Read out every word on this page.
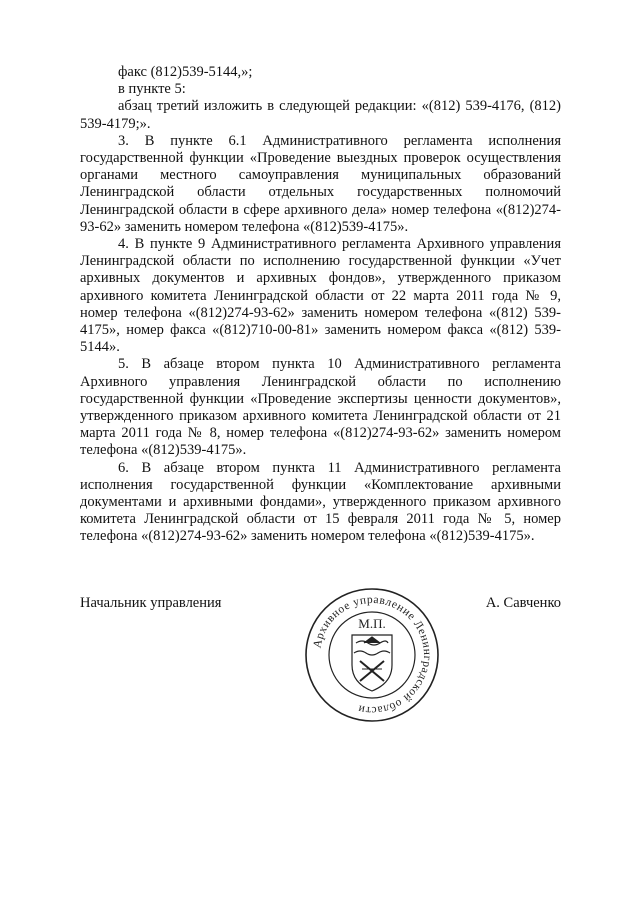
факс (812)539-5144,»;

в пункте 5:

абзац третий изложить в следующей редакции: «(812) 539-4176, (812) 539-4179;».

3. В пункте 6.1 Административного регламента исполнения государственной функции «Проведение выездных проверок осуществления органами местного самоуправления муниципальных образований Ленинградской области отдельных государственных полномочий Ленинградской области в сфере архивного дела» номер телефона «(812)274-93-62» заменить номером телефона «(812)539-4175».

4. В пункте 9 Административного регламента Архивного управления Ленинградской области по исполнению государственной функции «Учет архивных документов и архивных фондов», утвержденного приказом архивного комитета Ленинградской области от 22 марта 2011 года № 9, номер телефона «(812)274-93-62» заменить номером телефона «(812) 539-4175», номер факса «(812)710-00-81» заменить номером факса «(812) 539-5144».

5. В абзаце втором пункта 10 Административного регламента Архивного управления Ленинградской области по исполнению государственной функции «Проведение экспертизы ценности документов», утвержденного приказом архивного комитета Ленинградской области от 21 марта 2011 года № 8, номер телефона «(812)274-93-62» заменить номером телефона «(812)539-4175».

6. В абзаце втором пункта 11 Административного регламента исполнения государственной функции «Комплектование архивными документами и архивными фондами», утвержденного приказом архивного комитета Ленинградской области от 15 февраля 2011 года № 5, номер телефона «(812)274-93-62» заменить номером телефона «(812)539-4175».

Начальник управления
Архивное управление Ленинградской области
М.П.
А. Савченко
